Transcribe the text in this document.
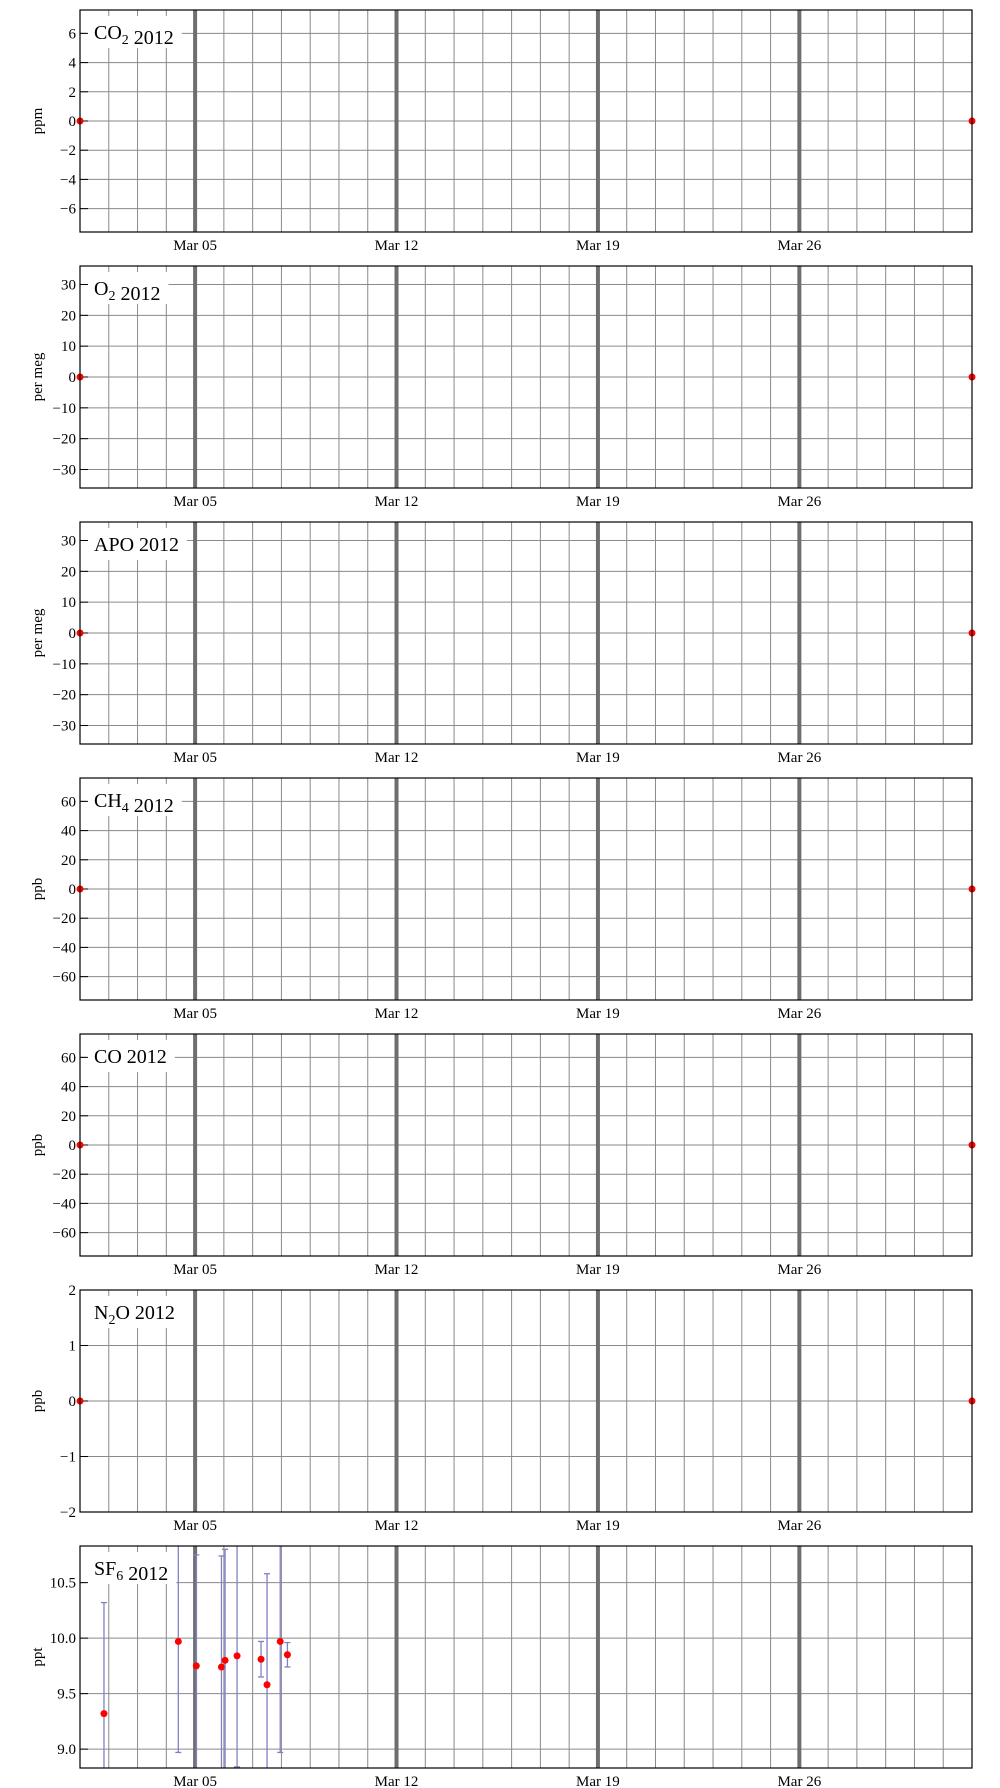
$CO_2$ 2012
−6
−4
−2
0
2
4
6
Mar 05	Mar 12	Mar 19	Mar 26
ppm
$O_2$ 2012
−30
−20
−10
0
10
20
30
Mar 05	Mar 12	Mar 19	Mar 26
per meg
APO 2012
−30
−20
−10
0
10
20
30
Mar 05	Mar 12	Mar 19	Mar 26
per meg
$CH_4$ 2012
−60
−40
−20
0
20
40
60
Mar 05	Mar 12	Mar 19	Mar 26
ppb
CO 2012
−60
−40
−20
0
20
40
60
Mar 05	Mar 12	Mar 19	Mar 26
ppb
$N_2O$ 2012
−2
−1
0
1
2
Mar 05	Mar 12	Mar 19	Mar 26
ppb
$SF_6$ 2012
9.0
9.5
10.0
10.5
Mar 05	Mar 12	Mar 19	Mar 26
ppt
